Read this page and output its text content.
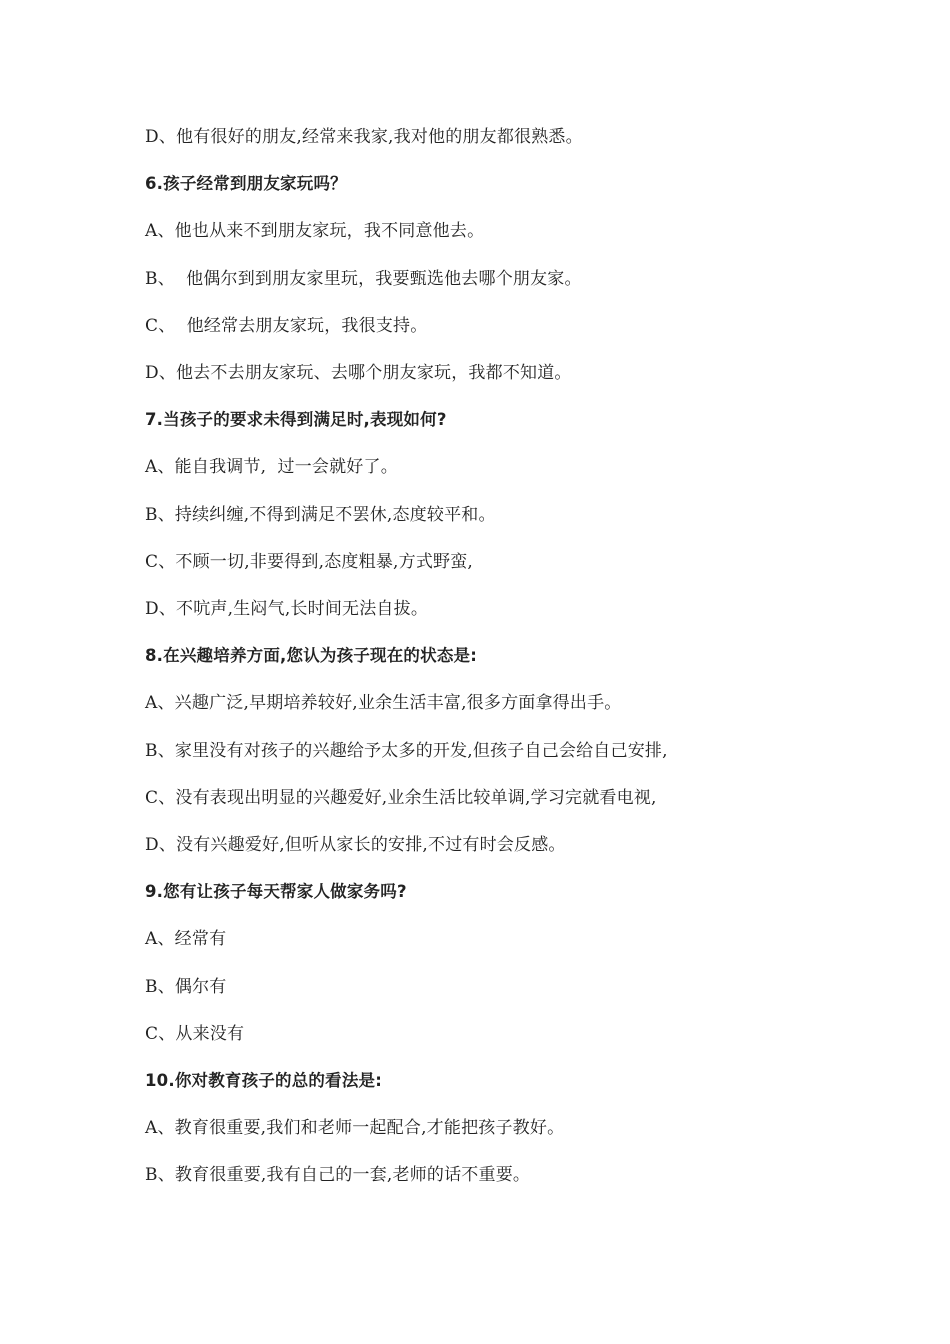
D、他有很好的朋友,经常来我家,我对他的朋友都很熟悉。
6.孩子经常到朋友家玩吗？
A、他也从来不到朋友家玩，我不同意他去。
B、  他偶尔到到朋友家里玩，我要甄选他去哪个朋友家。
C、  他经常去朋友家玩，我很支持。
D、他去不去朋友家玩、去哪个朋友家玩，我都不知道。
7.当孩子的要求未得到满足时,表现如何?
A、能自我调节,  过一会就好了。
B、持续纠缠,不得到满足不罢休,态度较平和。
C、不顾一切,非要得到,态度粗暴,方式野蛮,
D、不吭声,生闷气,长时间无法自拔。
8.在兴趣培养方面,您认为孩子现在的状态是:
A、兴趣广泛,早期培养较好,业余生活丰富,很多方面拿得出手。
B、家里没有对孩子的兴趣给予太多的开发,但孩子自己会给自己安排,
C、没有表现出明显的兴趣爱好,业余生活比较单调,学习完就看电视,
D、没有兴趣爱好,但听从家长的安排,不过有时会反感。
9.您有让孩子每天帮家人做家务吗?
A、经常有
B、偶尔有
C、从来没有
10.你对教育孩子的总的看法是:
A、教育很重要,我们和老师一起配合,才能把孩子教好。
B、教育很重要,我有自己的一套,老师的话不重要。
